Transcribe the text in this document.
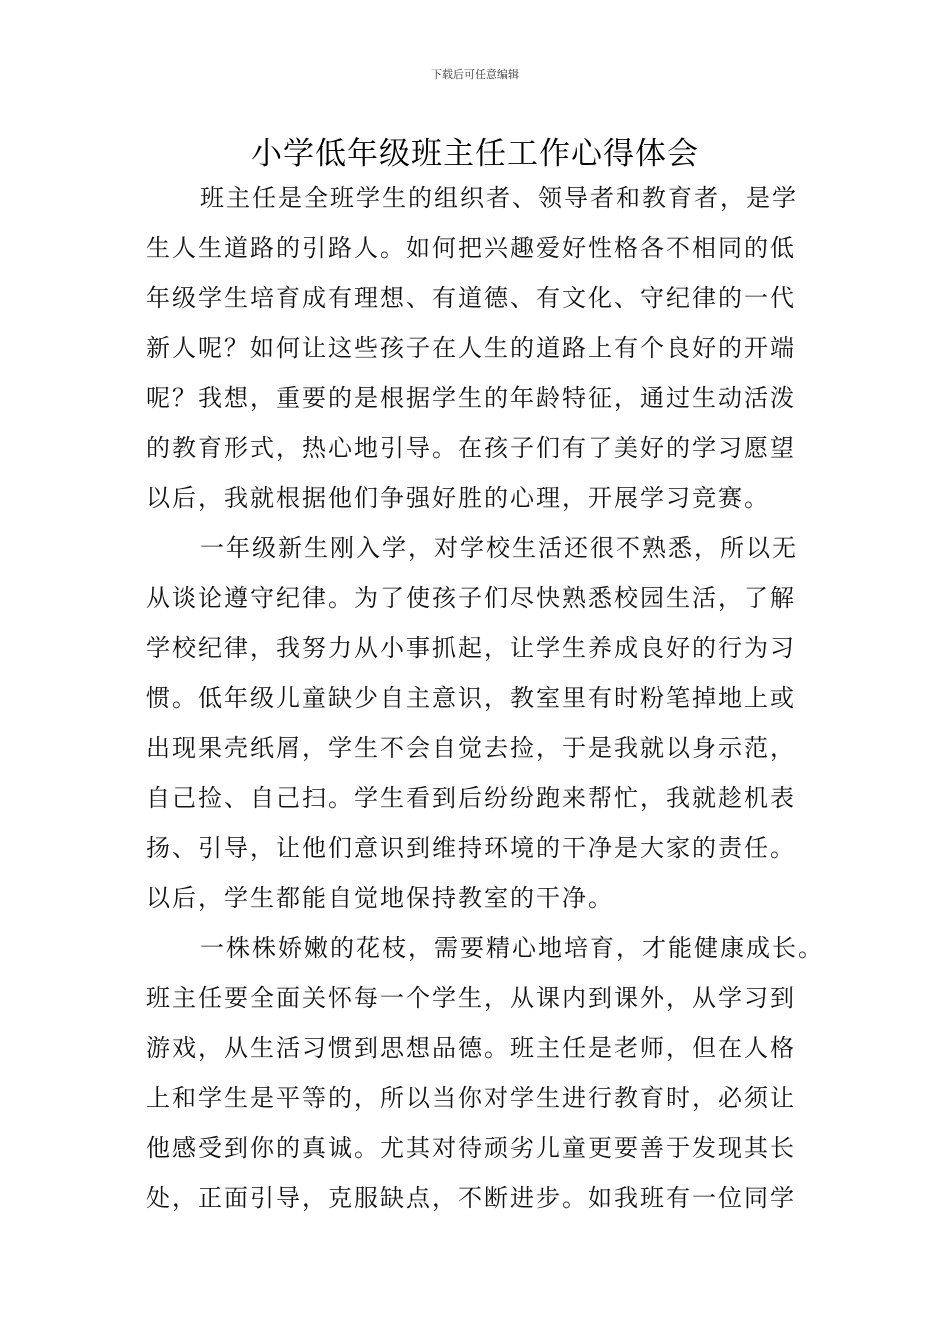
下载后可任意编辑
小学低年级班主任工作心得体会
班主任是全班学生的组织者、领导者和教育者，是学
生人生道路的引路人。如何把兴趣爱好性格各不相同的低
年级学生培育成有理想、有道德、有文化、守纪律的一代
新人呢？如何让这些孩子在人生的道路上有个良好的开端
呢？我想，重要的是根据学生的年龄特征，通过生动活泼
的教育形式，热心地引导。在孩子们有了美好的学习愿望
以后，我就根据他们争强好胜的心理，开展学习竞赛。
一年级新生刚入学，对学校生活还很不熟悉，所以无
从谈论遵守纪律。为了使孩子们尽快熟悉校园生活，了解
学校纪律，我努力从小事抓起，让学生养成良好的行为习
惯。低年级儿童缺少自主意识，教室里有时粉笔掉地上或
出现果壳纸屑，学生不会自觉去捡，于是我就以身示范，
自己捡、自己扫。学生看到后纷纷跑来帮忙，我就趁机表
扬、引导，让他们意识到维持环境的干净是大家的责任。
以后，学生都能自觉地保持教室的干净。
一株株娇嫩的花枝，需要精心地培育，才能健康成长。
班主任要全面关怀每一个学生，从课内到课外，从学习到
游戏，从生活习惯到思想品德。班主任是老师，但在人格
上和学生是平等的，所以当你对学生进行教育时，必须让
他感受到你的真诚。尤其对待顽劣儿童更要善于发现其长
处，正面引导，克服缺点，不断进步。如我班有一位同学
